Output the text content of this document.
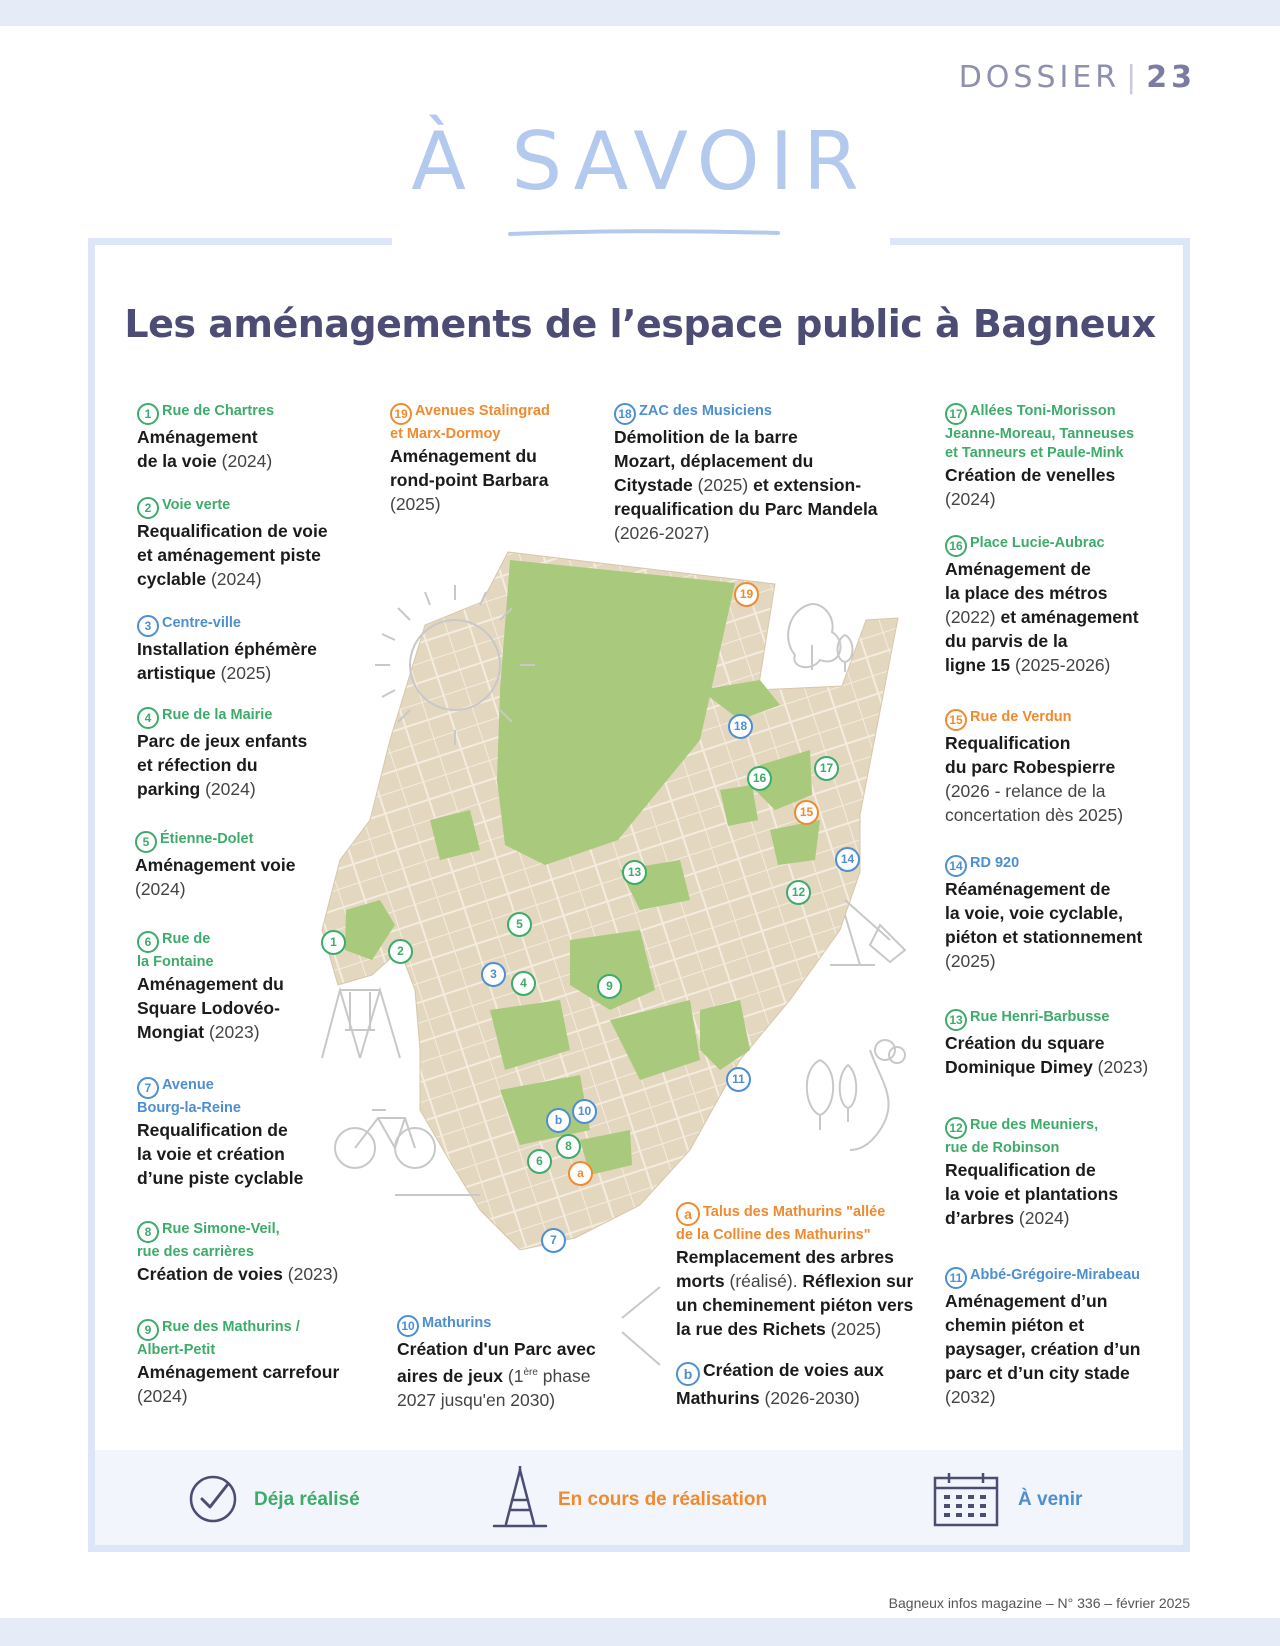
DOSSIER | 23
À SAVOIR
Les aménagements de l’espace public à Bagneux
1
2
3
4
5
6
7
8
9
10
11
12
13
14
15
16
17
18
19
a
b
1 Rue de Chartres
Aménagement
de la voie (2024)
2 Voie verte
Requalification de voie
et aménagement piste
cyclable (2024)
3 Centre-ville
Installation éphémère
artistique (2025)
4 Rue de la Mairie
Parc de jeux enfants
et réfection du
parking (2024)
5 Étienne-Dolet
Aménagement voie
(2024)
6 Rue de
la Fontaine
Aménagement du
Square Lodovéo-
Mongiat (2023)
7 Avenue
Bourg-la-Reine
Requalification de
la voie et création
d’une piste cyclable
8 Rue Simone-Veil,
rue des carrières
Création de voies (2023)
9 Rue des Mathurins /
Albert-Petit
Aménagement carrefour
(2024)
19 Avenues Stalingrad
et Marx-Dormoy
Aménagement du
rond-point Barbara
(2025)
10 Mathurins
Création d'un Parc avec
aires de jeux (1ère phase
2027 jusqu'en 2030)
18 ZAC des Musiciens
Démolition de la barre
Mozart, déplacement du
Citystade (2025) et extension-
requalification du Parc Mandela
(2026-2027)
a Talus des Mathurins "allée
de la Colline des Mathurins"
Remplacement des arbres
morts (réalisé). Réflexion sur
un cheminement piéton vers
la rue des Richets (2025)
b Création de voies aux
Mathurins (2026-2030)
17 Allées Toni-Morisson
Jeanne-Moreau, Tanneuses
et Tanneurs et Paule-Mink
Création de venelles
(2024)
16 Place Lucie-Aubrac
Aménagement de
la place des métros
(2022) et aménagement
du parvis de la
ligne 15 (2025-2026)
15 Rue de Verdun
Requalification
du parc Robespierre
(2026 - relance de la
concertation dès 2025)
14 RD 920
Réaménagement de
la voie, voie cyclable,
piéton et stationnement
(2025)
13 Rue Henri-Barbusse
Création du square
Dominique Dimey (2023)
12 Rue des Meuniers,
rue de Robinson
Requalification de
la voie et plantations
d’arbres (2024)
11 Abbé-Grégoire-Mirabeau
Aménagement d’un
chemin piéton et
paysager, création d’un
parc et d’un city stade
(2032)
Déja réalisé	En cours de réalisation	À venir
Bagneux infos magazine – N° 336 – février 2025
